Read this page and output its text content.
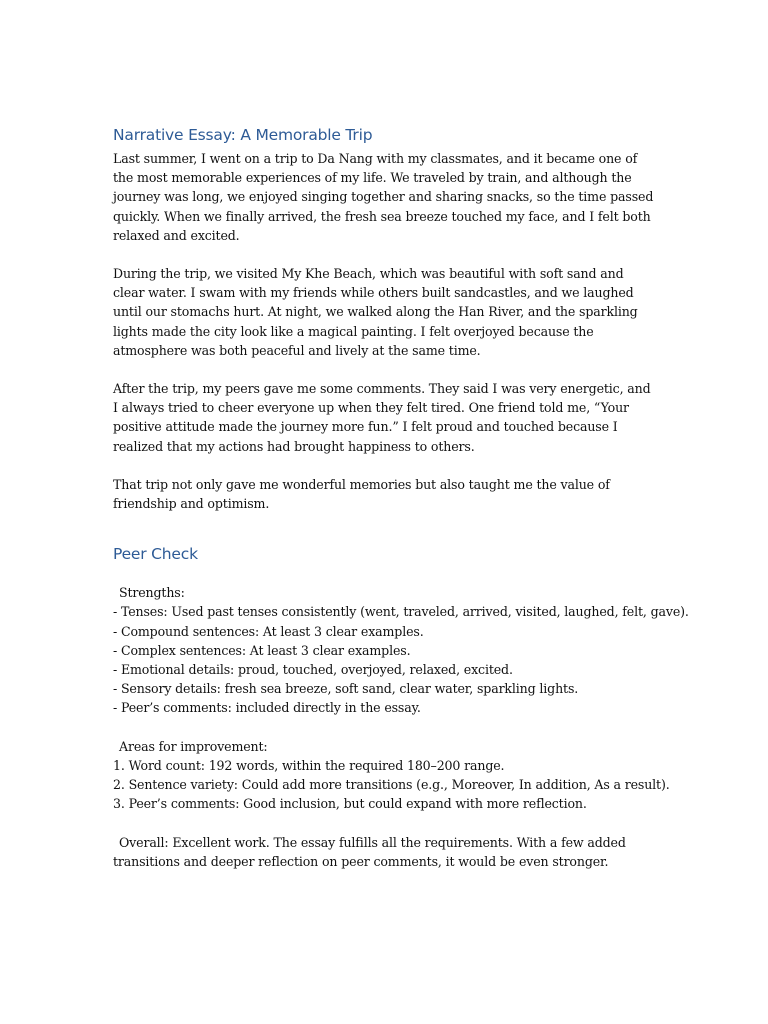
Narrative Essay: A Memorable Trip

Last summer, I went on a trip to Da Nang with my classmates, and it became one of the most memorable experiences of my life. We traveled by train, and although the journey was long, we enjoyed singing together and sharing snacks, so the time passed quickly. When we finally arrived, the fresh sea breeze touched my face, and I felt both relaxed and excited.

During the trip, we visited My Khe Beach, which was beautiful with soft sand and clear water. I swam with my friends while others built sandcastles, and we laughed until our stomachs hurt. At night, we walked along the Han River, and the sparkling lights made the city look like a magical painting. I felt overjoyed because the atmosphere was both peaceful and lively at the same time.

After the trip, my peers gave me some comments. They said I was very energetic, and I always tried to cheer everyone up when they felt tired. One friend told me, “Your positive attitude made the journey more fun.” I felt proud and touched because I realized that my actions had brought happiness to others.

That trip not only gave me wonderful memories but also taught me the value of friendship and optimism.

Peer Check
Strengths:
- Tenses: Used past tenses consistently (went, traveled, arrived, visited, laughed, felt, gave).
- Compound sentences: At least 3 clear examples.
- Complex sentences: At least 3 clear examples.
- Emotional details: proud, touched, overjoyed, relaxed, excited.
- Sensory details: fresh sea breeze, soft sand, clear water, sparkling lights.
- Peer’s comments: included directly in the essay.
Areas for improvement:
1. Word count: 192 words, within the required 180–200 range.
2. Sentence variety: Could add more transitions (e.g., Moreover, In addition, As a result).
3. Peer’s comments: Good inclusion, but could expand with more reflection.

Overall: Excellent work. The essay fulfills all the requirements. With a few added transitions and deeper reflection on peer comments, it would be even stronger.
